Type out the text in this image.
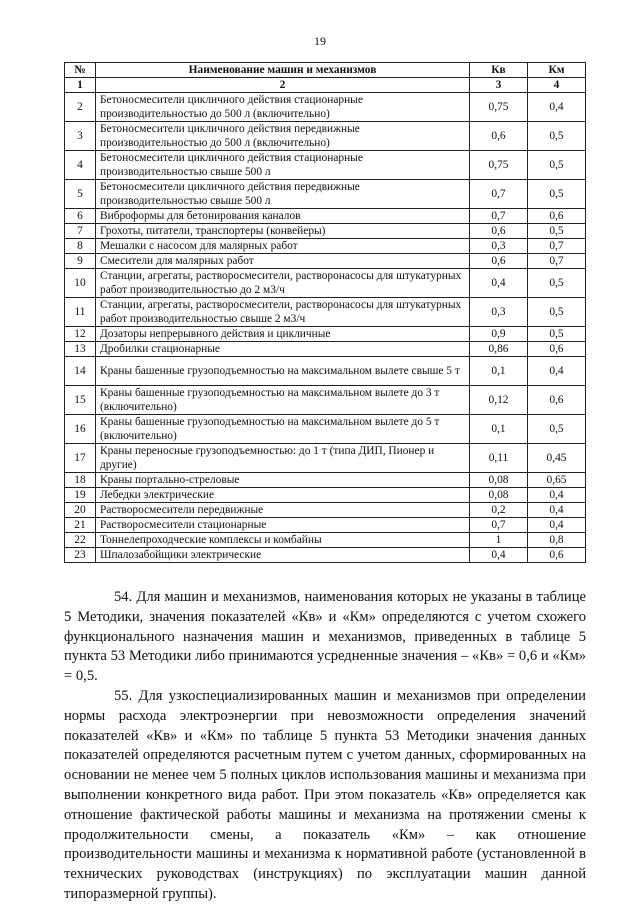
19
№	Наименование машин и механизмов	Кв	Км
1	2	3	4
2	Бетоносмесители цикличного действия стационарные производительностью до 500 л (включительно)	0,75	0,4
3	Бетоносмесители цикличного действия передвижные производительностью до 500 л (включительно)	0,6	0,5
4	Бетоносмесители цикличного действия стационарные производительностью свыше 500 л	0,75	0,5
5	Бетоносмесители цикличного действия передвижные производительностью свыше 500 л	0,7	0,5
6	Виброформы для бетонирования каналов	0,7	0,6
7	Грохоты, питатели, транспортеры (конвейеры)	0,6	0,5
8	Мешалки с насосом для малярных работ	0,3	0,7
9	Смесители для малярных работ	0,6	0,7
10	Станции, агрегаты, растворосмесители, растворонасосы для штукатурных работ производительностью до 2 м3/ч	0,4	0,5
11	Станции, агрегаты, растворосмесители, растворонасосы для штукатурных работ производительностью свыше 2 м3/ч	0,3	0,5
12	Дозаторы непрерывного действия и цикличные	0,9	0,5
13	Дробилки стационарные	0,86	0,6
14	Краны башенные грузоподъемностью на максимальном вылете свыше 5 т	0,1	0,4
15	Краны башенные грузоподъемностью на максимальном вылете до 3 т (включительно)	0,12	0,6
16	Краны башенные грузоподъемностью на максимальном вылете до 5 т (включительно)	0,1	0,5
17	Краны переносные грузоподъемностью: до 1 т (типа ДИП, Пионер и другие)	0,11	0,45
18	Краны портально-стреловые	0,08	0,65
19	Лебедки электрические	0,08	0,4
20	Растворосмесители передвижные	0,2	0,4
21	Растворосмесители стационарные	0,7	0,4
22	Тоннелепроходческие комплексы и комбайны	1	0,8
23	Шпалозабойщики электрические	0,4	0,6

54. Для машин и механизмов, наименования которых не указаны в таблице 5 Методики, значения показателей «Кв» и «Км» определяются с учетом схожего функционального назначения машин и механизмов, приведенных в таблице 5 пункта 53 Методики либо принимаются усредненные значения – «Кв» = 0,6 и «Км» = 0,5.

55. Для узкоспециализированных машин и механизмов при определении нормы расхода электроэнергии при невозможности определения значений показателей «Кв» и «Км» по таблице 5 пункта 53 Методики значения данных показателей определяются расчетным путем с учетом данных, сформированных на основании не менее чем 5 полных циклов использования машины и механизма при выполнении конкретного вида работ. При этом показатель «Кв» определяется как отношение фактической работы машины и механизма на протяжении смены к продолжительности смены, а показатель «Км» – как отношение производительности машины и механизма к нормативной работе (установленной в технических руководствах (инструкциях) по эксплуатации машин данной типоразмерной группы).
